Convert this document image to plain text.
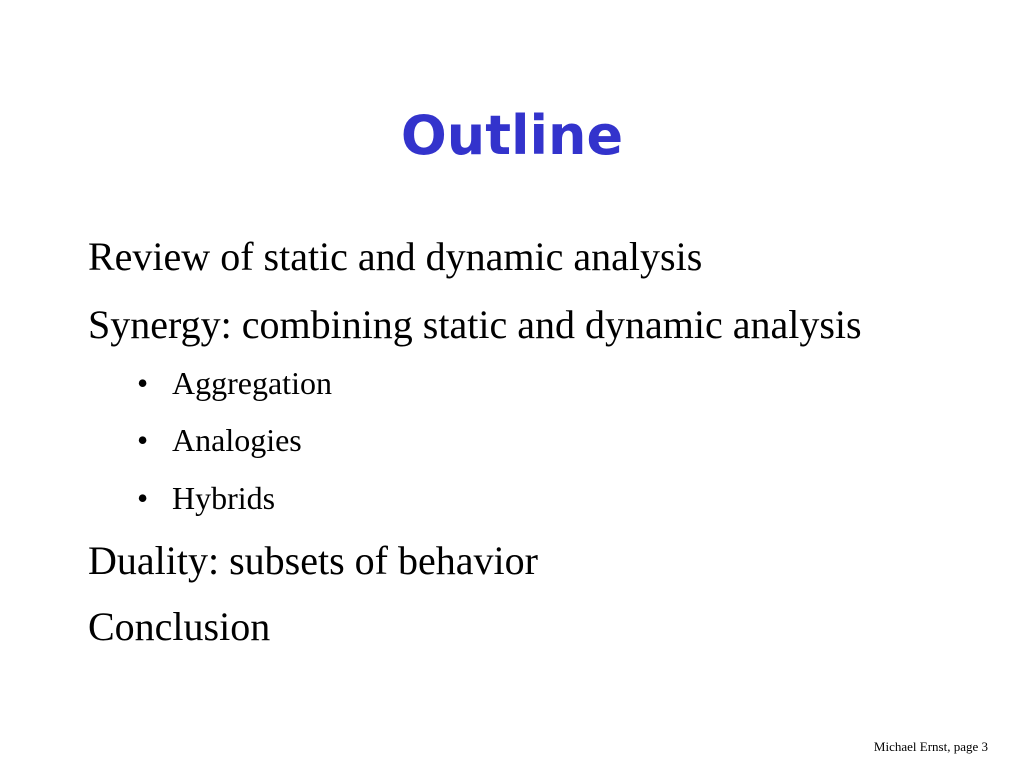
Outline
Review of static and dynamic analysis
Synergy: combining static and dynamic analysis
• Aggregation
• Analogies
• Hybrids
Duality: subsets of behavior
Conclusion
Michael Ernst, page 3
